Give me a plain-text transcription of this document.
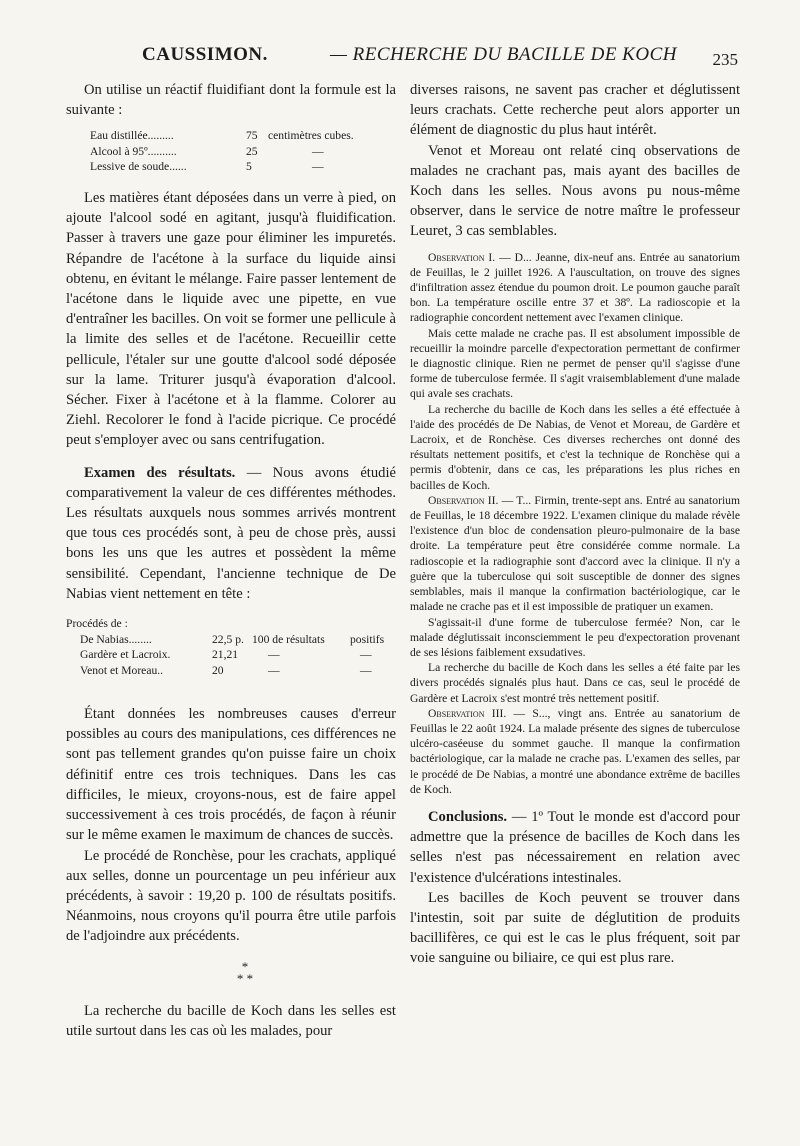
CAUSSIMON.	— RECHERCHE DU BACILLE DE KOCH 235

On utilise un réactif fluidifiant dont la formule est la suivante :

Eau distillée.........	75	centimètres cubes.
Alcool à 95º..........	25	—
Lessive de soude......	5	—

Les matières étant déposées dans un verre à pied, on ajoute l'alcool sodé en agitant, jusqu'à fluidification. Passer à travers une gaze pour éliminer les impuretés. Répandre de l'acétone à la surface du liquide ainsi obtenu, en évitant le mélange. Faire passer lentement de l'acétone dans le liquide avec une pipette, en vue d'entraîner les bacilles. On voit se former une pellicule à la limite des selles et de l'acétone. Recueillir cette pellicule, l'étaler sur une goutte d'alcool sodé déposée sur la lame. Triturer jusqu'à évaporation d'alcool. Sécher. Fixer à l'acétone et à la flamme. Colorer au Ziehl. Recolorer le fond à l'acide picrique. Ce procédé peut s'employer avec ou sans centrifugation.

Examen des résultats. — Nous avons étudié comparativement la valeur de ces différentes méthodes. Les résultats auxquels nous sommes arrivés montrent que tous ces procédés sont, à peu de chose près, aussi bons les uns que les autres et possèdent la même sensibilité. Cependant, l'ancienne technique de De Nabias vient nettement en tête :

Procédés de :
De Nabias........	22,5 p.	100 de résultats	positifs
Gardère et Lacroix.	21,21	—	—
Venot et Moreau..	20	—	—

Étant données les nombreuses causes d'erreur possibles au cours des manipulations, ces différences ne sont pas tellement grandes qu'on puisse faire un choix définitif entre ces trois techniques. Dans les cas difficiles, le mieux, croyons-nous, est de faire appel successivement à ces trois procédés, de façon à réunir sur le même examen le maximum de chances de succès.

Le procédé de Ronchèse, pour les crachats, appliqué aux selles, donne un pourcentage un peu inférieur aux précédents, à savoir : 19,20 p. 100 de résultats positifs. Néanmoins, nous croyons qu'il pourra être utile parfois de l'adjoindre aux précédents.

*
* *

La recherche du bacille de Koch dans les selles est utile surtout dans les cas où les malades, pour

diverses raisons, ne savent pas cracher et déglutissent leurs crachats. Cette recherche peut alors apporter un élément de diagnostic du plus haut intérêt.

Venot et Moreau ont relaté cinq observations de malades ne crachant pas, mais ayant des bacilles de Koch dans les selles. Nous avons pu nous-même observer, dans le service de notre maître le professeur Leuret, 3 cas semblables.

Observation I. — D... Jeanne, dix-neuf ans. Entrée au sanatorium de Feuillas, le 2 juillet 1926. A l'auscultation, on trouve des signes d'infiltration assez étendue du poumon droit. Le poumon gauche paraît bon. La température oscille entre 37 et 38º. La radioscopie et la radiographie concordent nettement avec l'examen clinique.

Mais cette malade ne crache pas. Il est absolument impossible de recueillir la moindre parcelle d'expectoration permettant de confirmer le diagnostic clinique. Rien ne permet de penser qu'il s'agisse d'une forme de tuberculose fermée. Il s'agit vraisemblablement d'une malade qui avale ses crachats.

La recherche du bacille de Koch dans les selles a été effectuée à l'aide des procédés de De Nabias, de Venot et Moreau, de Gardère et Lacroix, et de Ronchèse. Ces diverses recherches ont donné des résultats nettement positifs, et c'est la technique de Ronchèse qui a permis d'obtenir, dans ce cas, les préparations les plus riches en bacilles de Koch.

Observation II. — T... Firmin, trente-sept ans. Entré au sanatorium de Feuillas, le 18 décembre 1922. L'examen clinique du malade révèle l'existence d'un bloc de condensation pleuro-pulmonaire de la base droite. La température peut être considérée comme normale. La radioscopie et la radiographie sont d'accord avec la clinique. Il n'y a guère que la tuberculose qui soit susceptible de donner des signes semblables, mais il manque la confirmation bactériologique, car le malade ne crache pas et il est impossible de pratiquer un examen.

S'agissait-il d'une forme de tuberculose fermée? Non, car le malade déglutissait inconsciemment le peu d'expectoration provenant de ses lésions faiblement exsudatives.

La recherche du bacille de Koch dans les selles a été faite par les divers procédés signalés plus haut. Dans ce cas, seul le procédé de Gardère et Lacroix s'est montré très nettement positif.

Observation III. — S..., vingt ans. Entrée au sanatorium de Feuillas le 22 août 1924. La malade présente des signes de tuberculose ulcéro-caséeuse du sommet gauche. Il manque la confirmation bactériologique, car la malade ne crache pas. L'examen des selles, par le procédé de De Nabias, a montré une abondance extrême de bacilles de Koch.

Conclusions. — 1º Tout le monde est d'accord pour admettre que la présence de bacilles de Koch dans les selles n'est pas nécessairement en relation avec l'existence d'ulcérations intestinales.

Les bacilles de Koch peuvent se trouver dans l'intestin, soit par suite de déglutition de produits bacillifères, ce qui est le cas le plus fréquent, soit par voie sanguine ou biliaire, ce qui est plus rare.
